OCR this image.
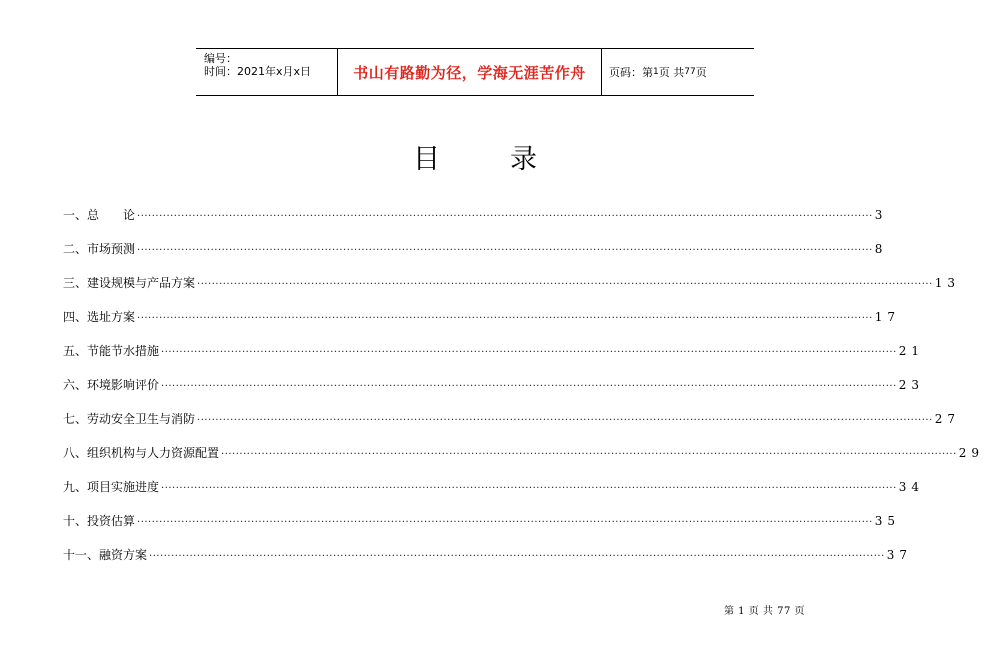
编号：
时间：2021年x月x日	书山有路勤为径，学海无涯苦作舟 页码：第 1 页 共 77 页
目	录
一、总　　论 ········································································································································································································ 3
二、市场预测 ········································································································································································································ 8
三、建设规模与产品方案 ········································································································································································································ 13
四、选址方案 ········································································································································································································ 17
五、节能节水措施 ········································································································································································································ 21
六、环境影响评价 ········································································································································································································ 23
七、劳动安全卫生与消防 ········································································································································································································ 27
八、组织机构与人力资源配置 ········································································································································································································ 29
九、项目实施进度 ········································································································································································································ 34
十、投资估算 ········································································································································································································ 35
十一、融资方案 ········································································································································································································ 37
第 1 页 共 77 页
